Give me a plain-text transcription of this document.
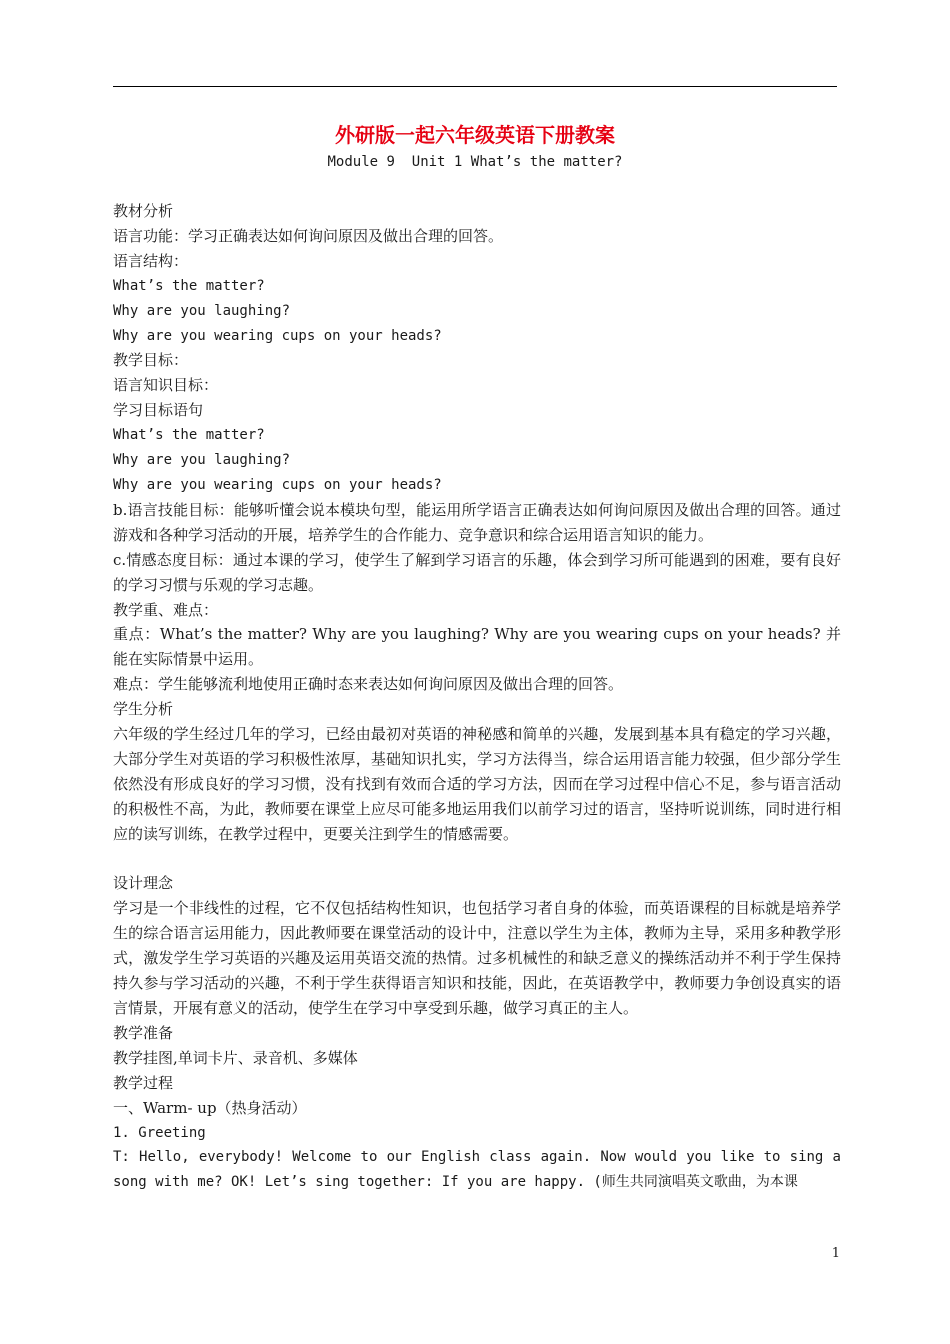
外研版一起六年级英语下册教案
Module 9  Unit 1 What’s the matter?

教材分析

语言功能：学习正确表达如何询问原因及做出合理的回答。

语言结构：

What’s the matter?

Why are you laughing?

Why are you wearing cups on your heads?

教学目标：

语言知识目标：

学习目标语句

What’s the matter?

Why are you laughing?

Why are you wearing cups on your heads?

b.语言技能目标：能够听懂会说本模块句型，能运用所学语言正确表达如何询问原因及做出合理的回答。通过游戏和各种学习活动的开展，培养学生的合作能力、竞争意识和综合运用语言知识的能力。

c.情感态度目标：通过本课的学习，使学生了解到学习语言的乐趣，体会到学习所可能遇到的困难，要有良好的学习习惯与乐观的学习志趣。

教学重、难点：

重点：What’s the matter? Why are you laughing? Why are you wearing cups on your heads? 并能在实际情景中运用。

难点：学生能够流利地使用正确时态来表达如何询问原因及做出合理的回答。

学生分析

六年级的学生经过几年的学习，已经由最初对英语的神秘感和简单的兴趣，发展到基本具有稳定的学习兴趣，大部分学生对英语的学习积极性浓厚，基础知识扎实，学习方法得当，综合运用语言能力较强，但少部分学生依然没有形成良好的学习习惯，没有找到有效而合适的学习方法，因而在学习过程中信心不足，参与语言活动的积极性不高，为此，教师要在课堂上应尽可能多地运用我们以前学习过的语言，坚持听说训练，同时进行相应的读写训练，在教学过程中，更要关注到学生的情感需要。

设计理念

学习是一个非线性的过程，它不仅包括结构性知识，也包括学习者自身的体验，而英语课程的目标就是培养学生的综合语言运用能力，因此教师要在课堂活动的设计中，注意以学生为主体，教师为主导，采用多种教学形式，激发学生学习英语的兴趣及运用英语交流的热情。过多机械性的和缺乏意义的操练活动并不利于学生保持持久参与学习活动的兴趣，不利于学生获得语言知识和技能，因此，在英语教学中，教师要力争创设真实的语言情景，开展有意义的活动，使学生在学习中享受到乐趣，做学习真正的主人。

教学准备

教学挂图,单词卡片、录音机、多媒体

教学过程

一、Warm- up（热身活动）

1. Greeting

T: Hello, everybody! Welcome to our English class again. Now would you like to sing a song with me? OK! Let’s sing together: If you are happy. (师生共同演唱英文歌曲，为本课

1
